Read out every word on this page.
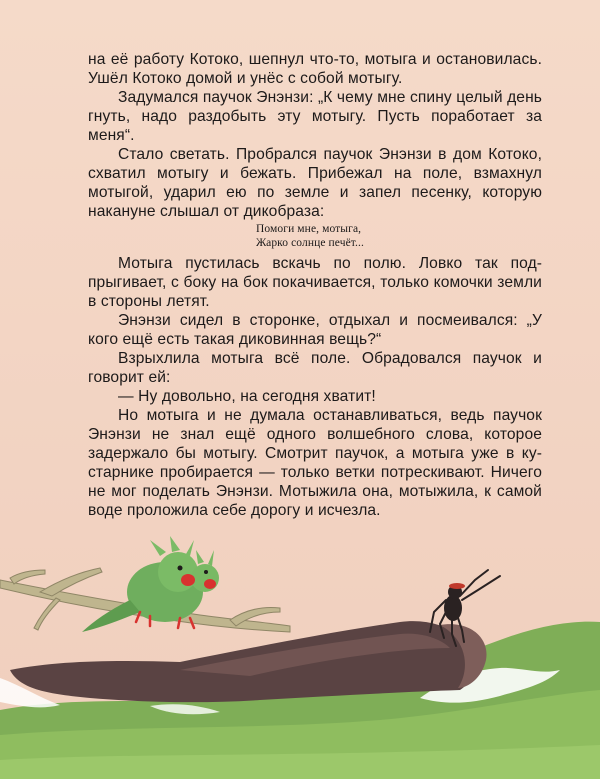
на её работу Котоко, шепнул что-то, мотыга и остановилась. Ушёл Котоко домой и унёс с собой мотыгу.

Задумался паучок Энэнзи: „К чему мне спину целый день гнуть, надо раздобыть эту мотыгу. Пусть поработает за меня“.

Стало светать. Пробрался паучок Энэнзи в дом Котоко, схватил мотыгу и бежать. Прибежал на поле, взмахнул мотыгой, ударил ею по земле и запел песенку, которую накануне слышал от дикобраза:

Помоги мне, мотыга,
Жарко солнце печёт...

Мотыга пустилась вскачь по полю. Ловко так подпрыгивает, с боку на бок покачивается, только комочки земли в стороны летят.

Энэнзи сидел в сторонке, отдыхал и посмеивался: „У кого ещё есть такая диковинная вещь?“

Взрыхлила мотыга всё поле. Обрадовался паучок и говорит ей:

— Ну довольно, на сегодня хватит!

Но мотыга и не думала останавливаться, ведь паучок Энэнзи не знал ещё одного волшебного слова, которое задержало бы мотыгу. Смотрит паучок, а мотыга уже в кустарнике пробирается — только ветки потрескивают. Ничего не мог поделать Энэнзи. Мотыжила она, мотыжила, к самой воде проложила себе дорогу и исчезла.
